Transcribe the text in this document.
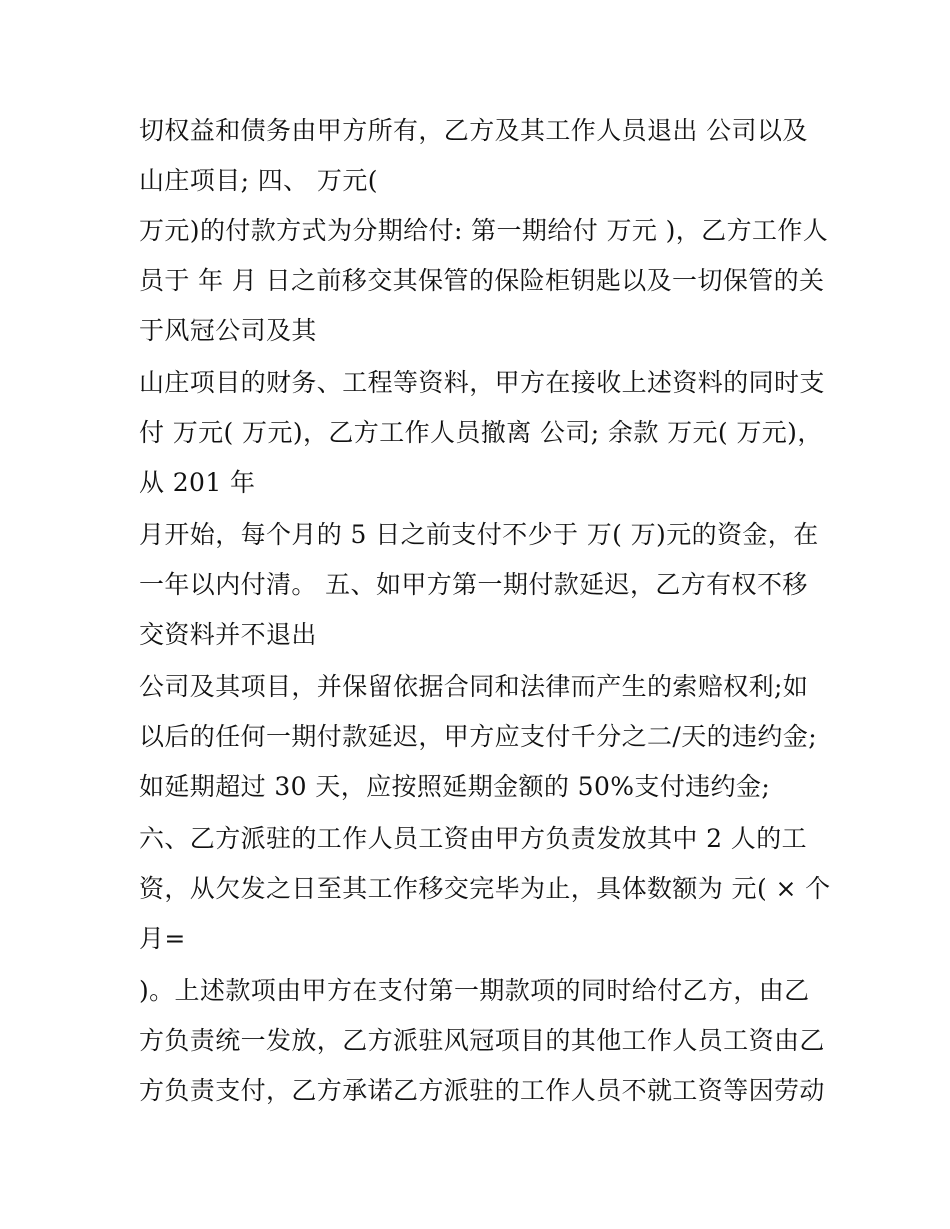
切权益和债务由甲方所有，乙方及其工作人员退出 公司以及
山庄项目; 四、 万元(
万元)的付款方式为分期给付: 第一期给付 万元 )，乙方工作人
员于 年 月 日之前移交其保管的保险柜钥匙以及一切保管的关
于风冠公司及其
山庄项目的财务、工程等资料，甲方在接收上述资料的同时支
付 万元( 万元)，乙方工作人员撤离 公司; 余款 万元( 万元)，
从 201 年
月开始，每个月的 5 日之前支付不少于 万( 万)元的资金，在
一年以内付清。 五、如甲方第一期付款延迟，乙方有权不移
交资料并不退出
公司及其项目，并保留依据合同和法律而产生的索赔权利;如
以后的任何一期付款延迟，甲方应支付千分之二/天的违约金;
如延期超过 30 天，应按照延期金额的 50%支付违约金;
六、乙方派驻的工作人员工资由甲方负责发放其中 2 人的工
资，从欠发之日至其工作移交完毕为止，具体数额为 元( × 个
月=
)。上述款项由甲方在支付第一期款项的同时给付乙方，由乙
方负责统一发放，乙方派驻风冠项目的其他工作人员工资由乙
方负责支付，乙方承诺乙方派驻的工作人员不就工资等因劳动
